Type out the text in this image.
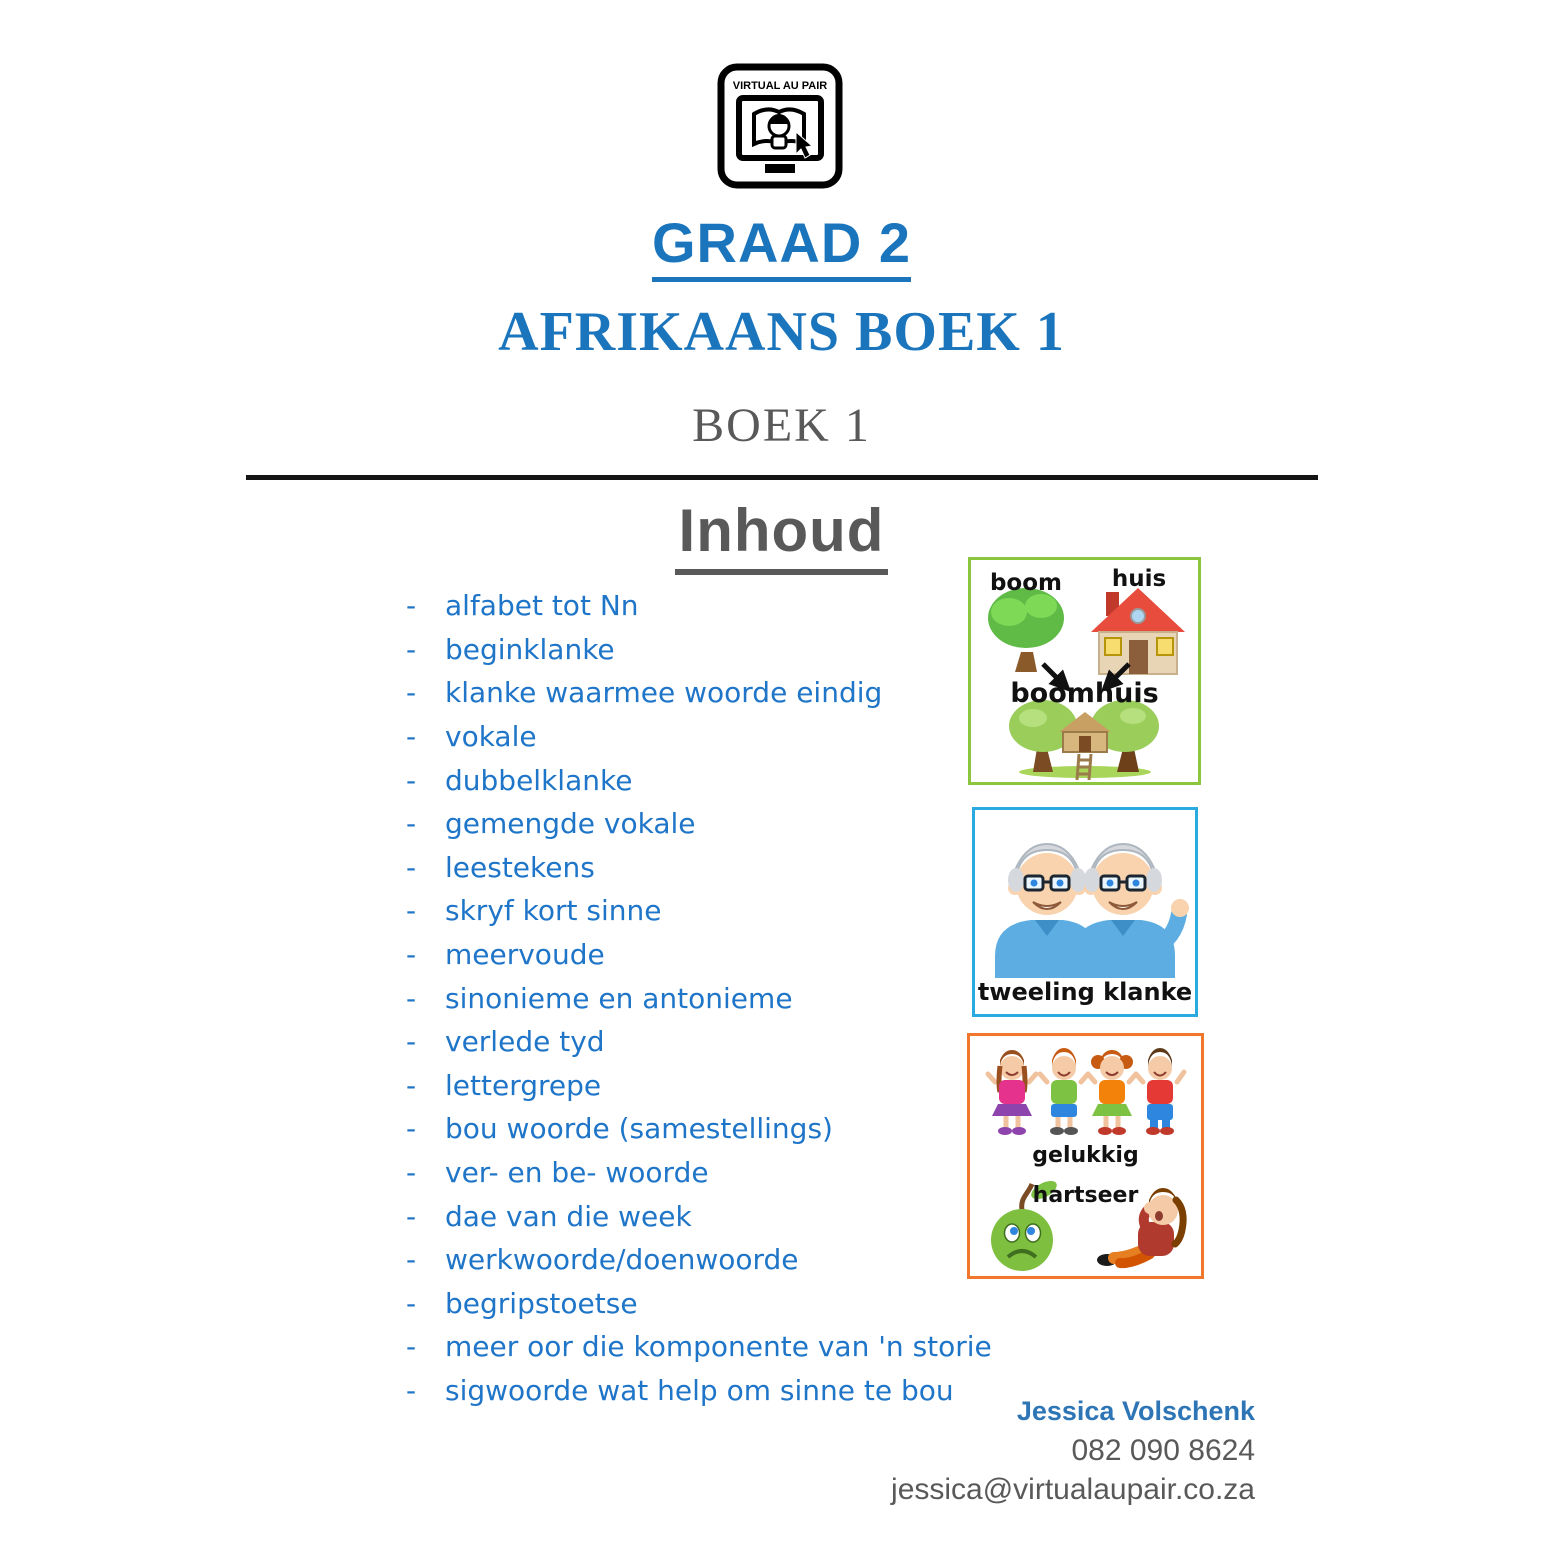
VIRTUAL AU PAIR
GRAAD 2
AFRIKAANS BOEK 1
BOEK 1
Inhoud
-	alfabet tot Nn
-	beginklanke
-	klanke waarmee woorde eindig
-	vokale
-	dubbelklanke
-	gemengde vokale
-	leestekens
-	skryf kort sinne
-	meervoude
-	sinonieme en antonieme
-	verlede tyd
-	lettergrepe
-	bou woorde (samestellings)
-	ver- en be- woorde
-	dae van die week
-	werkwoorde/doenwoorde
-	begripstoetse
-	meer oor die komponente van 'n storie
-	sigwoorde wat help om sinne te bou
boom	huis
boomhuis
tweeling klanke
gelukkig
hartseer
Jessica Volschenk
082 090 8624
jessica@virtualaupair.co.za
